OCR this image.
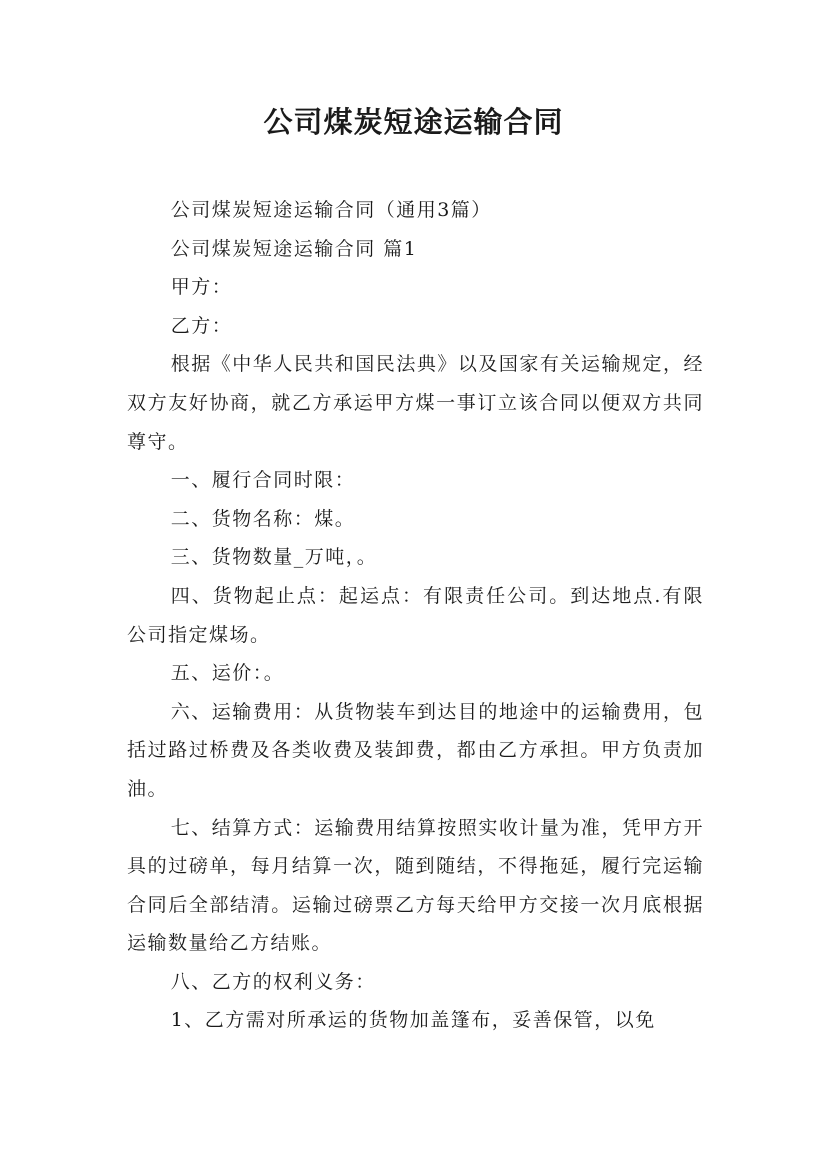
公司煤炭短途运输合同

公司煤炭短途运输合同（通用3篇）

公司煤炭短途运输合同 篇1

甲方：

乙方：

根据《中华人民共和国民法典》以及国家有关运输规定，经双方友好协商，就乙方承运甲方煤一事订立该合同以便双方共同尊守。

一、履行合同时限：

二、货物名称：煤。

三、货物数量_万吨，。

四、货物起止点：起运点：有限责任公司。到达地点.有限公司指定煤场。

五、运价：。

六、运输费用：从货物装车到达目的地途中的运输费用，包括过路过桥费及各类收费及装卸费，都由乙方承担。甲方负责加油。

七、结算方式：运输费用结算按照实收计量为准，凭甲方开具的过磅单，每月结算一次，随到随结，不得拖延，履行完运输合同后全部结清。运输过磅票乙方每天给甲方交接一次月底根据运输数量给乙方结账。

八、乙方的权利义务：

1、乙方需对所承运的货物加盖篷布，妥善保管，以免
